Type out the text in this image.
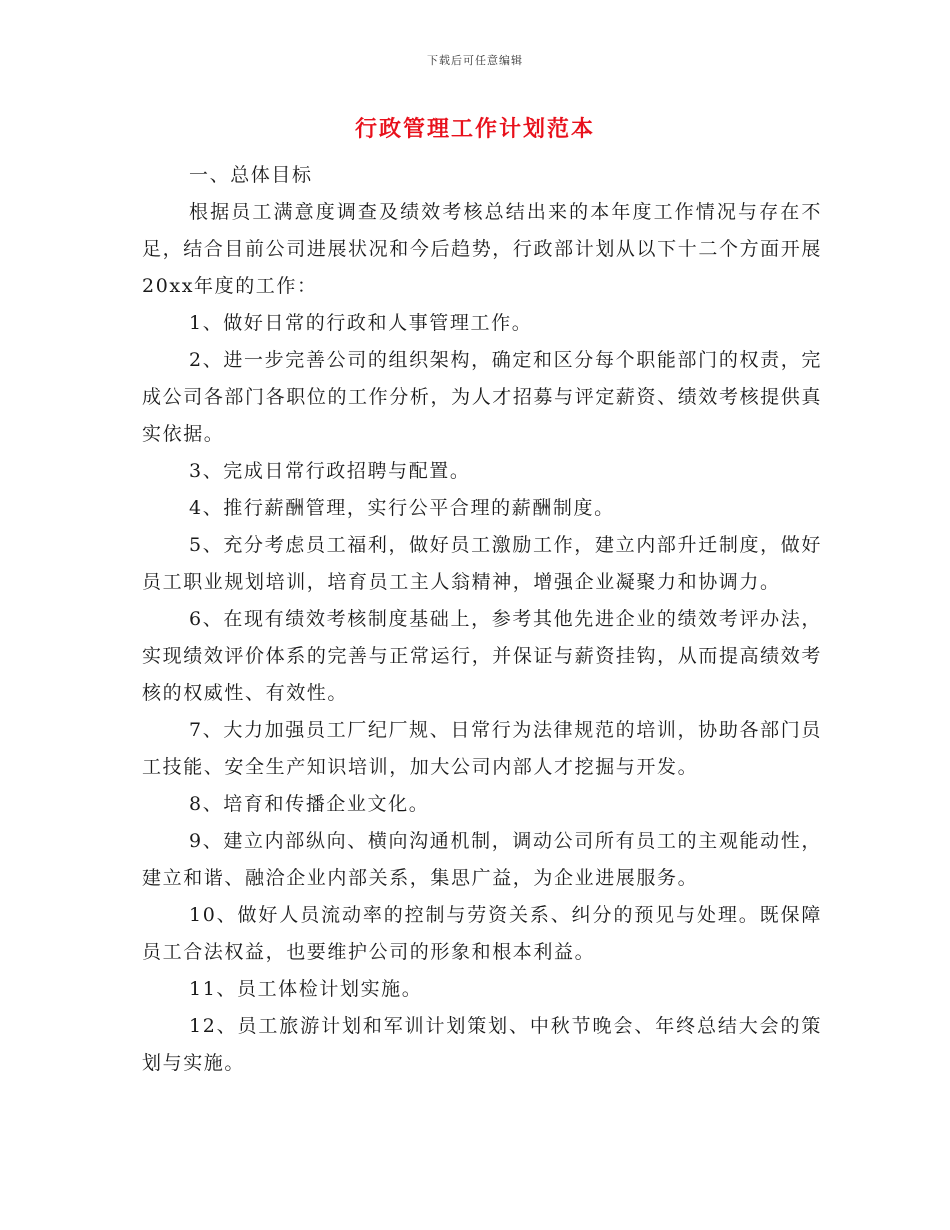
下载后可任意编辑
行政管理工作计划范本

一、总体目标

根据员工满意度调查及绩效考核总结出来的本年度工作情况与存在不足，结合目前公司进展状况和今后趋势，行政部计划从以下十二个方面开展20xx年度的工作：

1、做好日常的行政和人事管理工作。

2、进一步完善公司的组织架构，确定和区分每个职能部门的权责，完成公司各部门各职位的工作分析，为人才招募与评定薪资、绩效考核提供真实依据。

3、完成日常行政招聘与配置。

4、推行薪酬管理，实行公平合理的薪酬制度。

5、充分考虑员工福利，做好员工激励工作，建立内部升迁制度，做好员工职业规划培训，培育员工主人翁精神，增强企业凝聚力和协调力。

6、在现有绩效考核制度基础上，参考其他先进企业的绩效考评办法，实现绩效评价体系的完善与正常运行，并保证与薪资挂钩，从而提高绩效考核的权威性、有效性。

7、大力加强员工厂纪厂规、日常行为法律规范的培训，协助各部门员工技能、安全生产知识培训，加大公司内部人才挖掘与开发。

8、培育和传播企业文化。

9、建立内部纵向、横向沟通机制，调动公司所有员工的主观能动性，建立和谐、融洽企业内部关系，集思广益，为企业进展服务。

10、做好人员流动率的控制与劳资关系、纠分的预见与处理。既保障员工合法权益，也要维护公司的形象和根本利益。

11、员工体检计划实施。

12、员工旅游计划和军训计划策划、中秋节晚会、年终总结大会的策划与实施。
